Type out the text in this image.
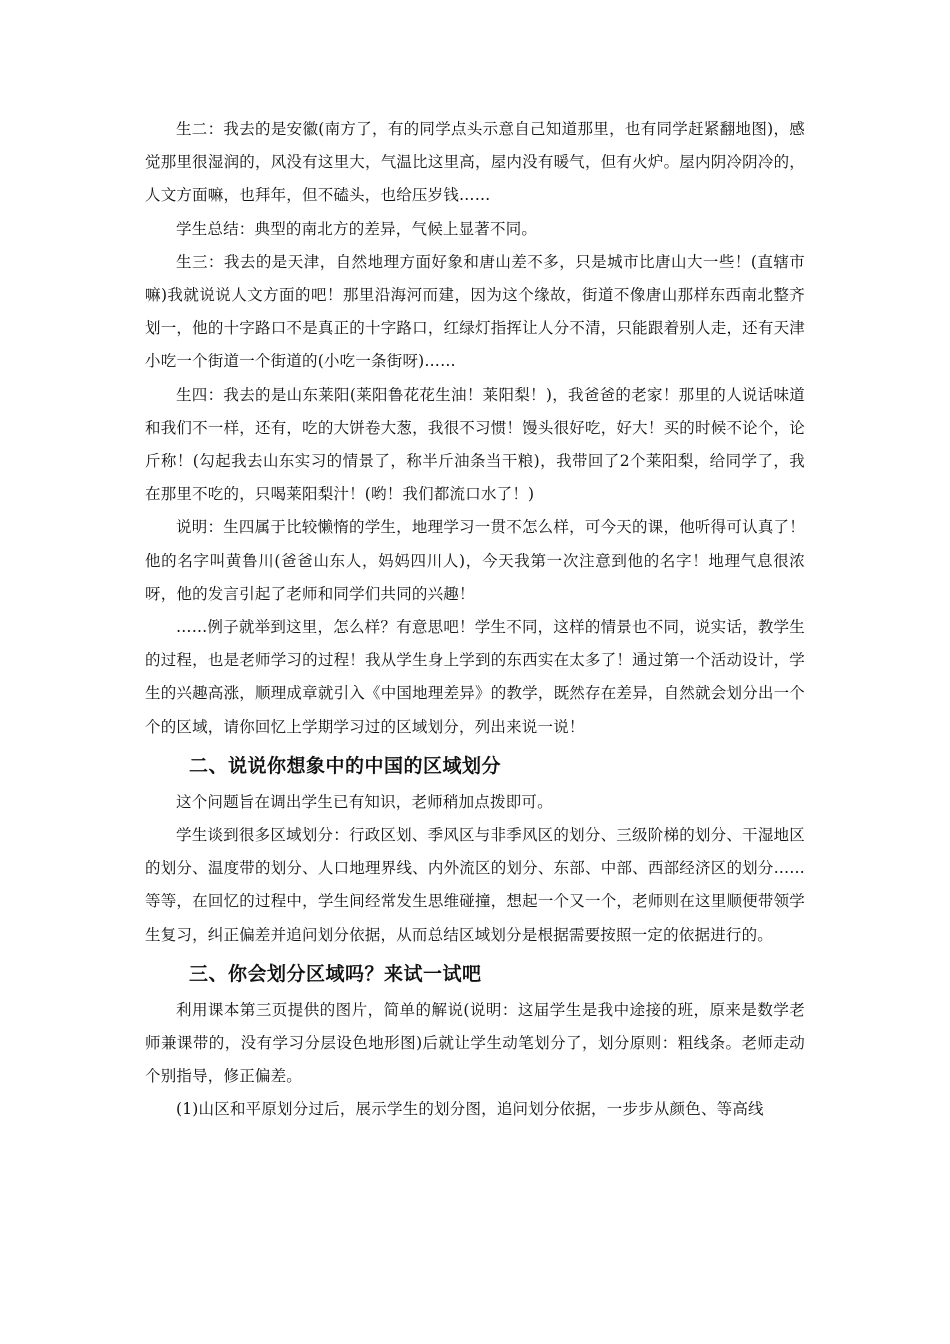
生二：我去的是安徽(南方了，有的同学点头示意自己知道那里，也有同学赶紧翻地图)，感觉那里很湿润的，风没有这里大，气温比这里高，屋内没有暖气，但有火炉。屋内阴冷阴冷的，人文方面嘛，也拜年，但不磕头，也给压岁钱……

学生总结：典型的南北方的差异，气候上显著不同。

生三：我去的是天津，自然地理方面好象和唐山差不多，只是城市比唐山大一些！(直辖市嘛)我就说说人文方面的吧！那里沿海河而建，因为这个缘故，街道不像唐山那样东西南北整齐划一，他的十字路口不是真正的十字路口，红绿灯指挥让人分不清，只能跟着别人走，还有天津小吃一个街道一个街道的(小吃一条街呀)……

生四：我去的是山东莱阳(莱阳鲁花花生油！莱阳梨！)，我爸爸的老家！那里的人说话味道和我们不一样，还有，吃的大饼卷大葱，我很不习惯！馒头很好吃，好大！买的时候不论个，论斤称！(勾起我去山东实习的情景了，称半斤油条当干粮)，我带回了2个莱阳梨，给同学了，我在那里不吃的，只喝莱阳梨汁！(哟！我们都流口水了！)

说明：生四属于比较懒惰的学生，地理学习一贯不怎么样，可今天的课，他听得可认真了！他的名字叫黄鲁川(爸爸山东人，妈妈四川人)，今天我第一次注意到他的名字！地理气息很浓呀，他的发言引起了老师和同学们共同的兴趣！

……例子就举到这里，怎么样？有意思吧！学生不同，这样的情景也不同，说实话，教学生的过程，也是老师学习的过程！我从学生身上学到的东西实在太多了！通过第一个活动设计，学生的兴趣高涨，顺理成章就引入《中国地理差异》的教学，既然存在差异，自然就会划分出一个个的区域，请你回忆上学期学习过的区域划分，列出来说一说！

二、说说你想象中的中国的区域划分

这个问题旨在调出学生已有知识，老师稍加点拨即可。

学生谈到很多区域划分：行政区划、季风区与非季风区的划分、三级阶梯的划分、干湿地区的划分、温度带的划分、人口地理界线、内外流区的划分、东部、中部、西部经济区的划分……等等，在回忆的过程中，学生间经常发生思维碰撞，想起一个又一个，老师则在这里顺便带领学生复习，纠正偏差并追问划分依据，从而总结区域划分是根据需要按照一定的依据进行的。

三、你会划分区域吗？来试一试吧

利用课本第三页提供的图片，简单的解说(说明：这届学生是我中途接的班，原来是数学老师兼课带的，没有学习分层设色地形图)后就让学生动笔划分了，划分原则：粗线条。老师走动个别指导，修正偏差。

(1)山区和平原划分过后，展示学生的划分图，追问划分依据，一步步从颜色、等高线
